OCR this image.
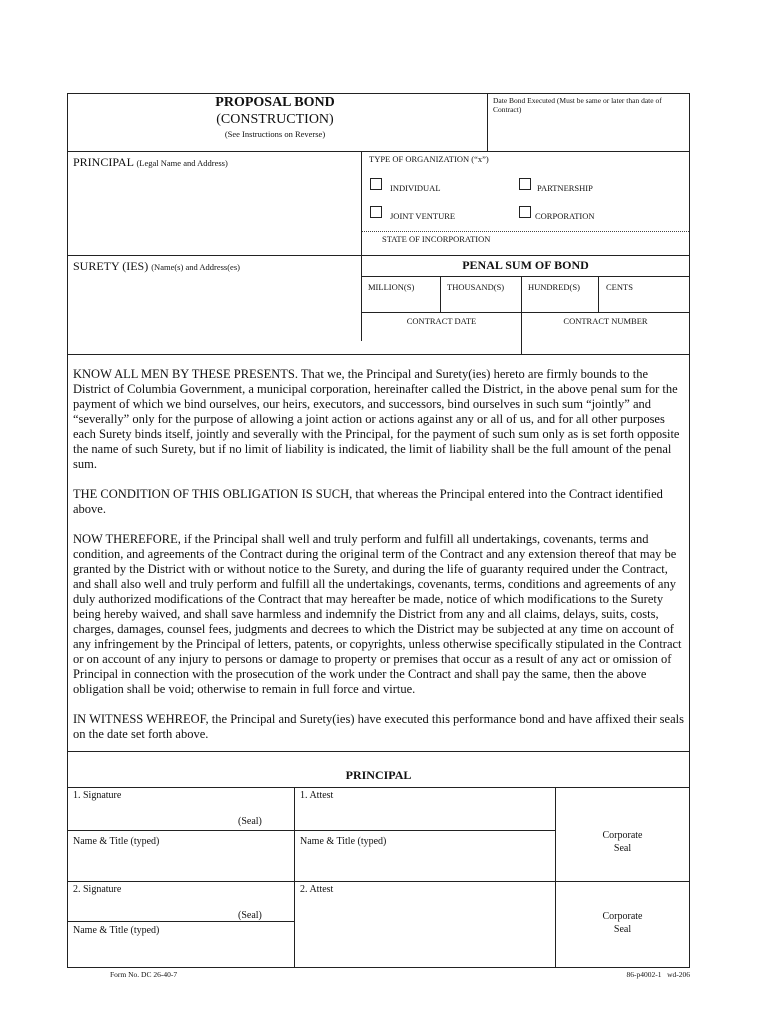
PROPOSAL BOND
(CONSTRUCTION)
(See Instructions on Reverse)
Date Bond Executed (Must be same or later than date of Contract)
PRINCIPAL (Legal Name and Address)	TYPE OF ORGANIZATION (“x”)
INDIVIDUAL	PARTNERSHIP
JOINT VENTURE	CORPORATION
STATE OF INCORPORATION
SURETY (IES) (Name(s) and Address(es)	PENAL SUM OF BOND
MILLION(S)	THOUSAND(S)	HUNDRED(S)	CENTS
CONTRACT DATE	CONTRACT NUMBER

KNOW ALL MEN BY THESE PRESENTS. That we, the Principal and Surety(ies) hereto are firmly bounds to the District of Columbia Government, a municipal corporation, hereinafter called the District, in the above penal sum for the payment of which we bind ourselves, our heirs, executors, and successors, bind ourselves in such sum “jointly” and “severally” only for the purpose of allowing a joint action or actions against any or all of us, and for all other purposes each Surety binds itself, jointly and severally with the Principal, for the payment of such sum only as is set forth opposite the name of such Surety, but if no limit of liability is indicated, the limit of liability shall be the full amount of the penal sum.

THE CONDITION OF THIS OBLIGATION IS SUCH, that whereas the Principal entered into the Contract identified above.

NOW THEREFORE, if the Principal shall well and truly perform and fulfill all undertakings, covenants, terms and condition, and agreements of the Contract during the original term of the Contract and any extension thereof that may be granted by the District with or without notice to the Surety, and during the life of guaranty required under the Contract, and shall also well and truly perform and fulfill all the undertakings, covenants, terms, conditions and agreements of any duly authorized modifications of the Contract that may hereafter be made, notice of which modifications to the Surety being hereby waived, and shall save harmless and indemnify the District from any and all claims, delays, suits, costs, charges, damages, counsel fees, judgments and decrees to which the District may be subjected at any time on account of any infringement by the Principal of letters, patents, or copyrights, unless otherwise specifically stipulated in the Contract or on account of any injury to persons or damage to property or premises that occur as a result of any act or omission of Principal in connection with the prosecution of the work under the Contract and shall pay the same, then the above obligation shall be void; otherwise to remain in full force and virtue.

IN WITNESS WEHREOF, the Principal and Surety(ies) have executed this performance bond and have affixed their seals on the date set forth above.

PRINCIPAL
1. Signature	1. Attest
(Seal)
Name & Title (typed)	Name & Title (typed)
Corporate
Seal
2. Signature	2. Attest
(Seal)
Name & Title (typed)
Corporate
Seal
Form No. DC 26-40-7	86-p4002-1   wd-206
